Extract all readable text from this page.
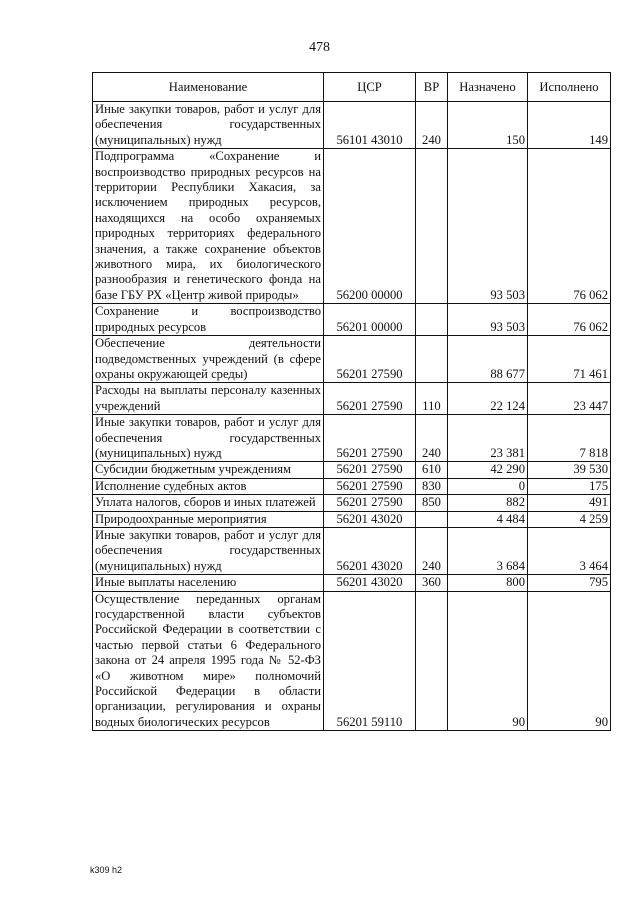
478
Наименование	ЦСР	ВР	Назначено	Исполнено
Иные закупки товаров, работ и услуг для обеспечения государственных (муниципальных) нужд	56101 43010	240	150	149
Подпрограмма «Сохранение и воспроизводство природных ресурсов на территории Республики Хакасия, за исключением природных ресурсов, находящихся на особо охраняемых природных территориях федерального значения, а также сохранение объектов животного мира, их биологического разнообразия и генетического фонда на базе ГБУ РХ «Центр живой природы»	56200 00000		93 503	76 062
Сохранение и воспроизводство природных ресурсов	56201 00000		93 503	76 062
Обеспечение деятельности подведомственных учреждений (в сфере охраны окружающей среды)	56201 27590		88 677	71 461
Расходы на выплаты персоналу казенных учреждений	56201 27590	110	22 124	23 447
Иные закупки товаров, работ и услуг для обеспечения государственных (муниципальных) нужд	56201 27590	240	23 381	7 818
Субсидии бюджетным учреждениям	56201 27590	610	42 290	39 530
Исполнение судебных актов	56201 27590	830	0	175
Уплата налогов, сборов и иных платежей	56201 27590	850	882	491
Природоохранные мероприятия	56201 43020		4 484	4 259
Иные закупки товаров, работ и услуг для обеспечения государственных (муниципальных) нужд	56201 43020	240	3 684	3 464
Иные выплаты населению	56201 43020	360	800	795
Осуществление переданных органам государственной власти субъектов Российской Федерации в соответствии с частью первой статьи 6 Федерального закона от 24 апреля 1995 года № 52-ФЗ «О животном мире» полномочий Российской Федерации в области организации, регулирования и охраны водных биологических ресурсов	56201 59110		90	90
k309 h2
